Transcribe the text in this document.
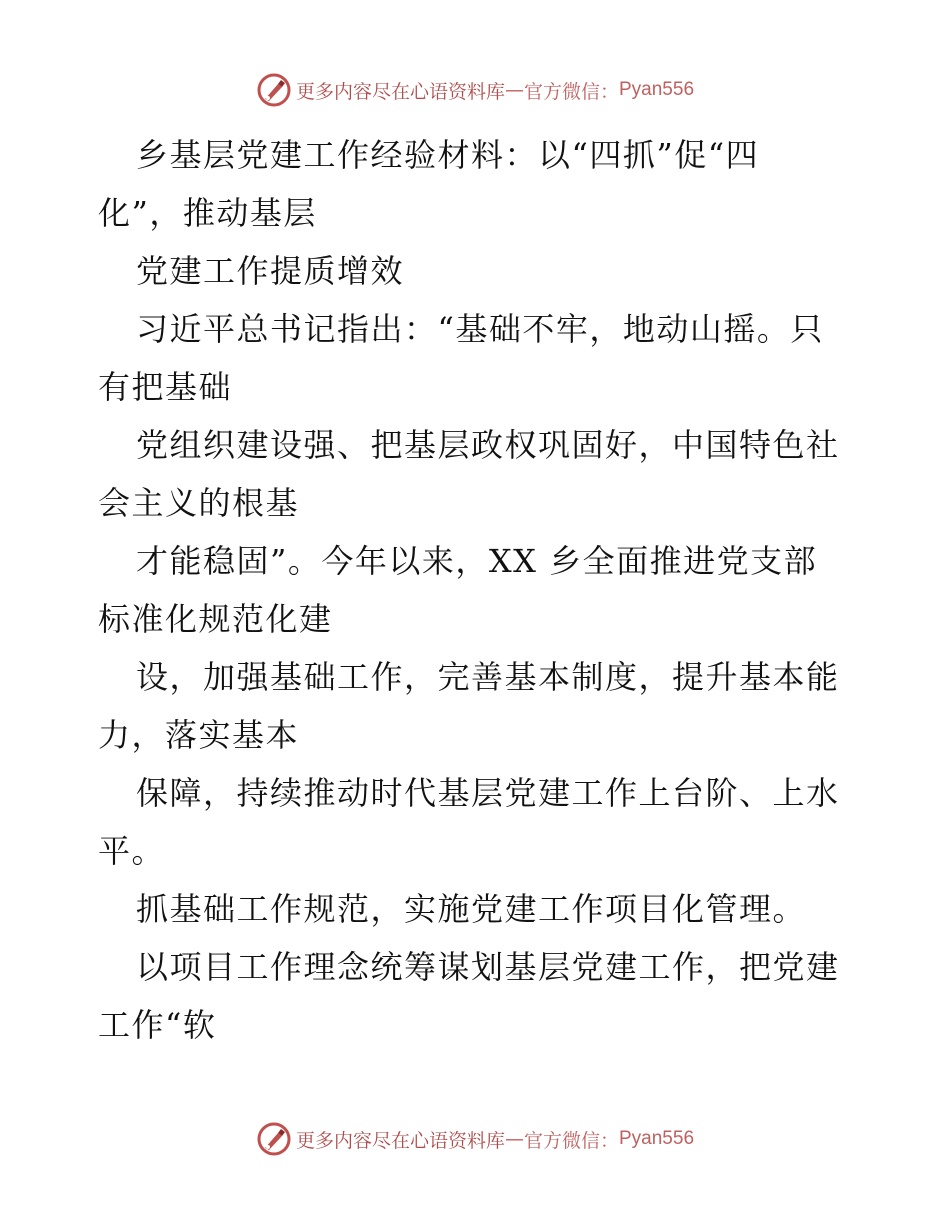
更多内容尽在心语资料库 — 官方微信： Pyan556
乡基层党建工作经验材料：以“四抓”促“四
化”，推动基层
党建工作提质增效
习近平总书记指出：“基础不牢，地动山摇。只
有把基础
党组织建设强、把基层政权巩固好，中国特色社
会主义的根基
才能稳固”。今年以来，XX 乡全面推进党支部
标准化规范化建
设，加强基础工作，完善基本制度，提升基本能
力，落实基本
保障，持续推动时代基层党建工作上台阶、上水
平。
抓基础工作规范，实施党建工作项目化管理。
以项目工作理念统筹谋划基层党建工作，把党建
工作“软
更多内容尽在心语资料库 — 官方微信： Pyan556
